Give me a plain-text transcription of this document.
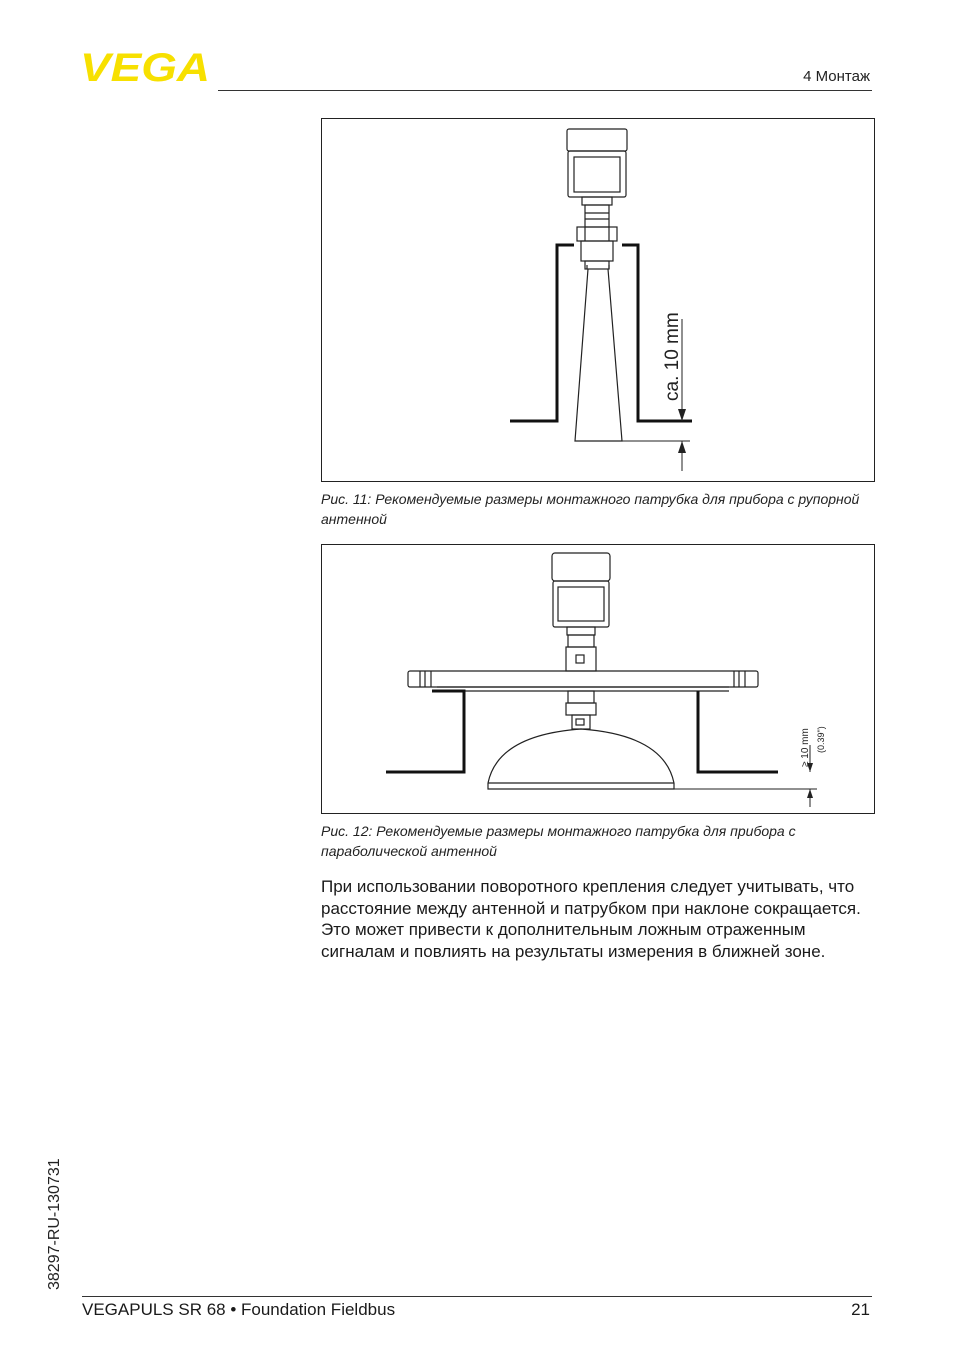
VEGA	4 Монтаж
ca. 10 mm
Рис. 11: Рекомендуемые размеры монтажного патрубка для прибора с рупорной антенной
≥ 10 mm (0.39")
Рис. 12: Рекомендуемые размеры монтажного патрубка для прибора с параболической антенной

При использовании поворотного крепления следует учитывать, что расстояние между антенной и патрубком при наклоне сокращается. Это может привести к дополнительным ложным отраженным сигналам и повлиять на результаты измерения в ближней зоне.

38297-RU-130731
VEGAPULS SR 68 • Foundation Fieldbus	21
